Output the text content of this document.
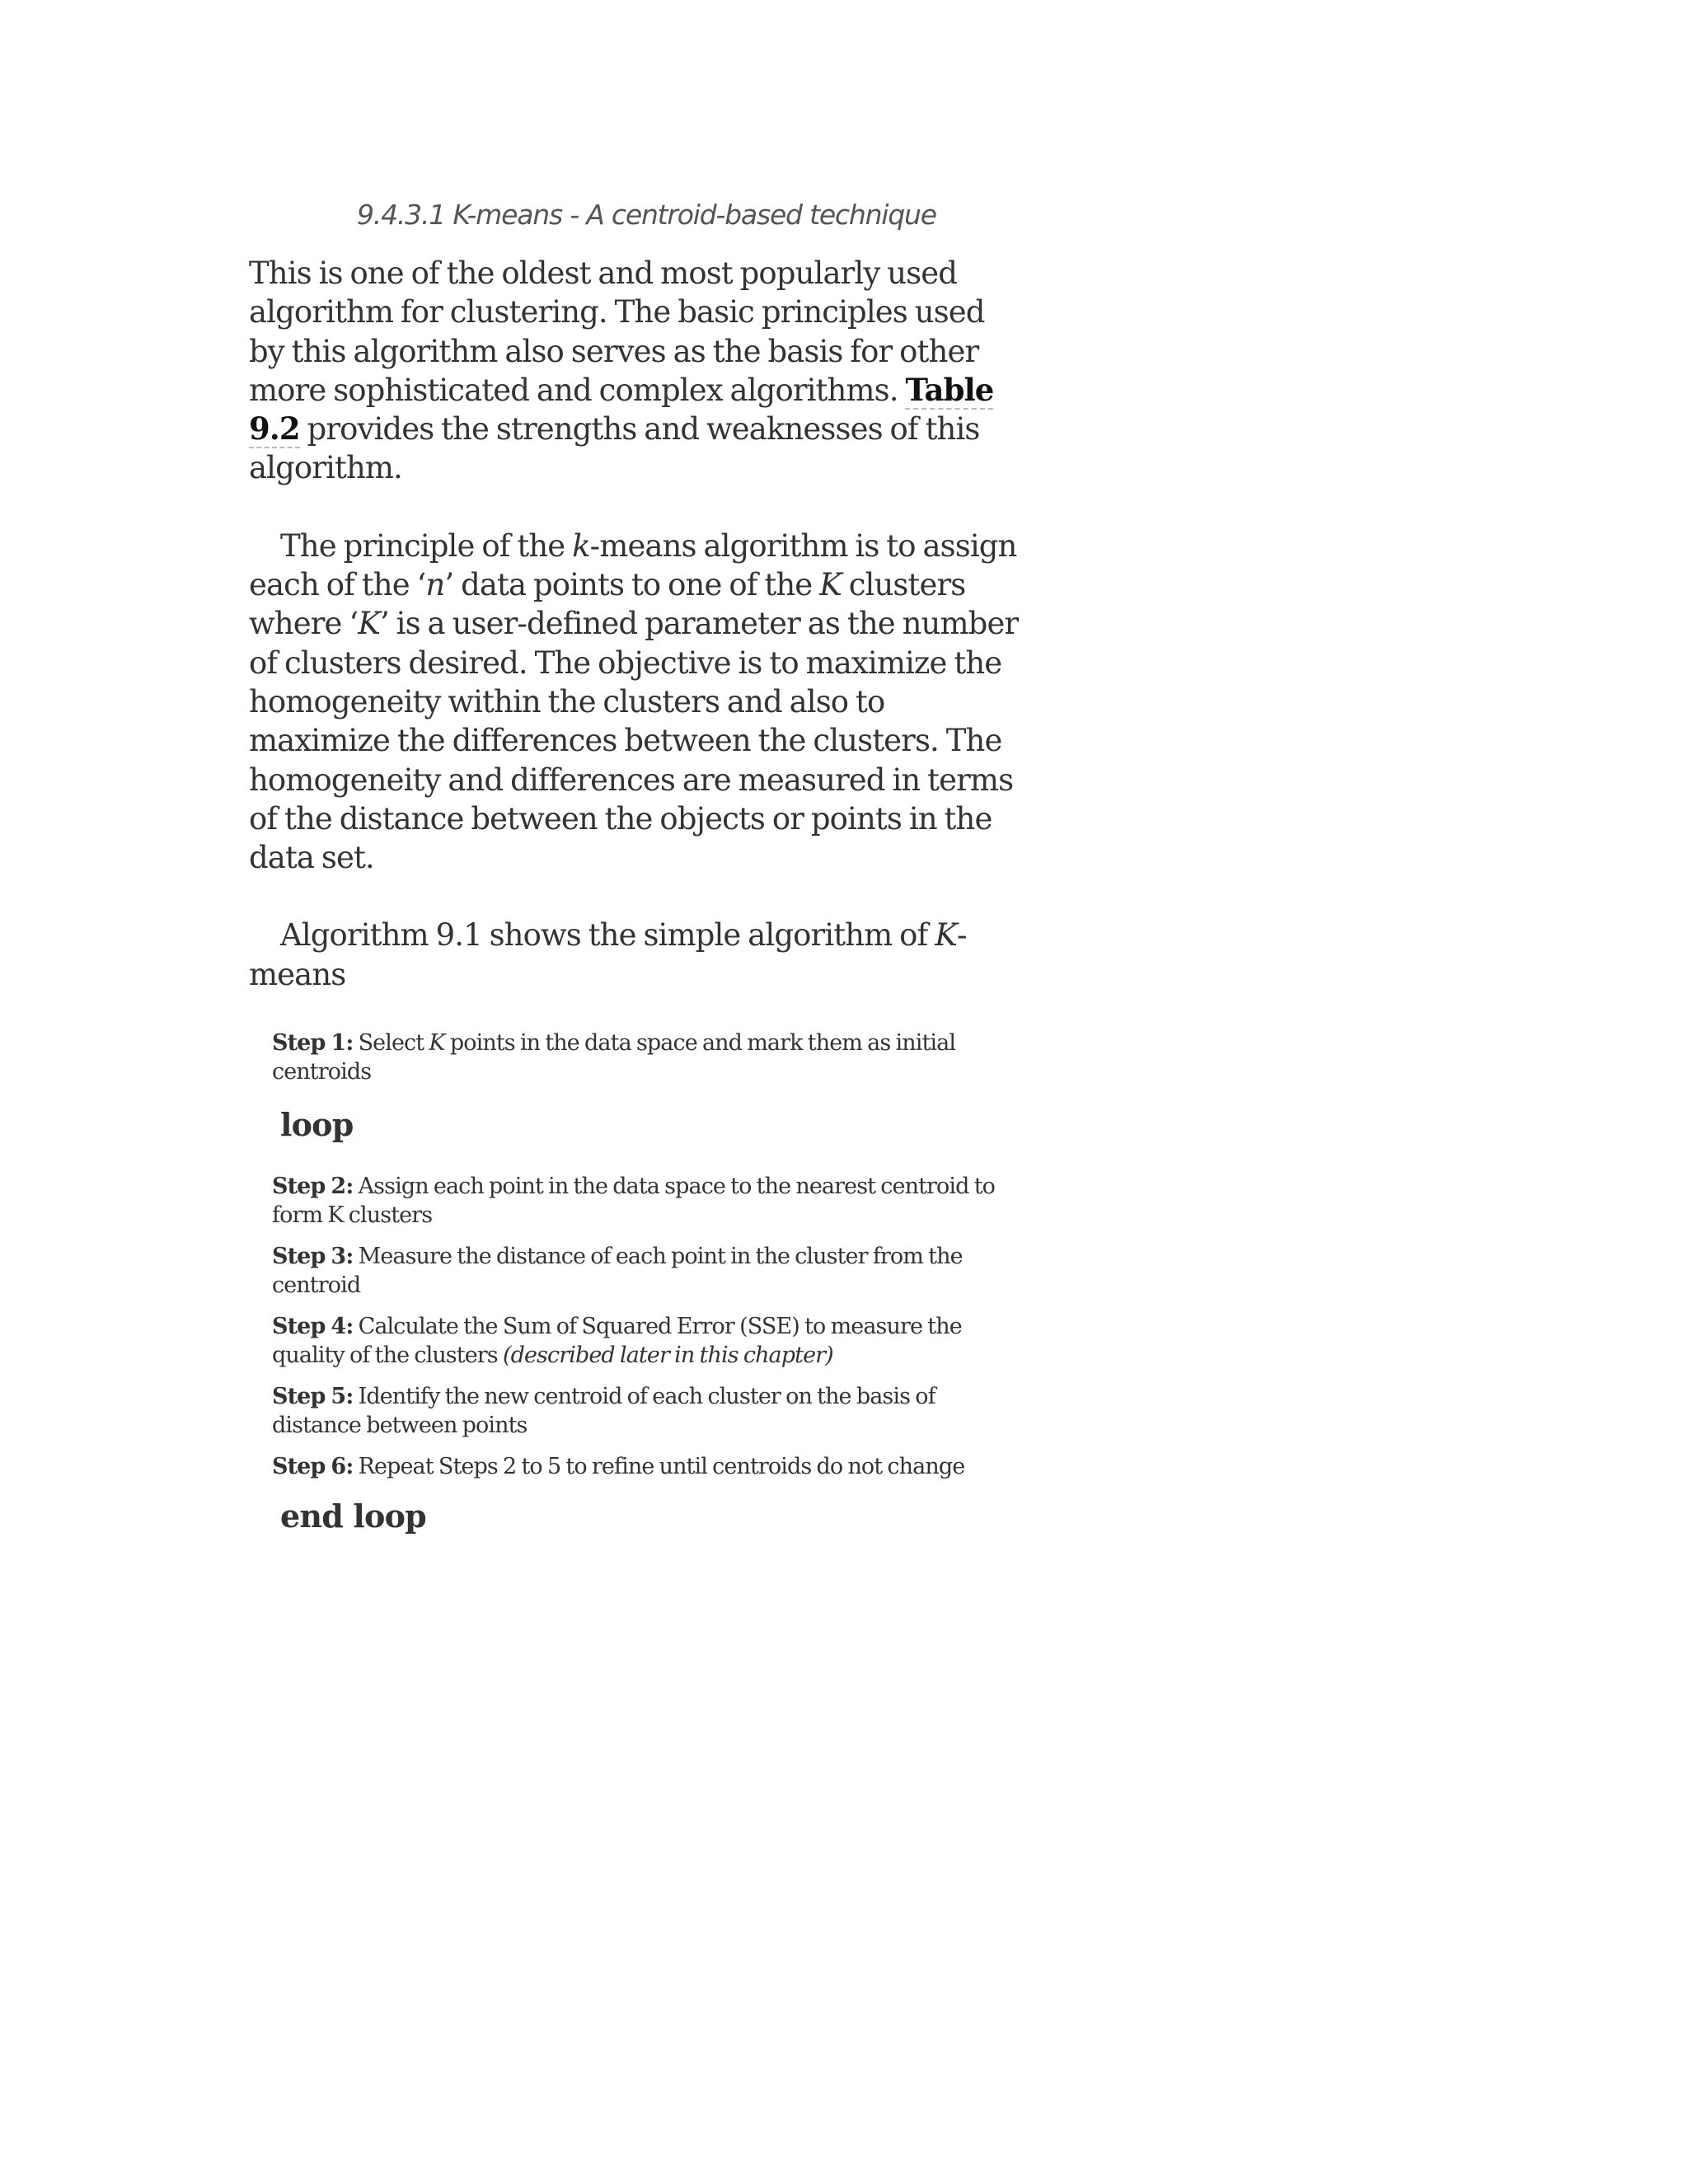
9.4.3.1 K-means - A centroid-based technique

This is one of the oldest and most popularly used algorithm for clustering. The basic principles used by this algorithm also serves as the basis for other more sophisticated and complex algorithms. Table 9.2 provides the strengths and weaknesses of this algorithm.

The principle of the k-means algorithm is to assign each of the ‘n’ data points to one of the K clusters where ‘K’ is a user-defined parameter as the number of clusters desired. The objective is to maximize the homogeneity within the clusters and also to maximize the differences between the clusters. The homogeneity and differences are measured in terms of the distance between the objects or points in the data set.

Algorithm 9.1 shows the simple algorithm of K-means

Step 1: Select K points in the data space and mark them as initial centroids

loop

Step 2: Assign each point in the data space to the nearest centroid to form K clusters

Step 3: Measure the distance of each point in the cluster from the centroid

Step 4: Calculate the Sum of Squared Error (SSE) to measure the quality of the clusters (described later in this chapter)

Step 5: Identify the new centroid of each cluster on the basis of distance between points

Step 6: Repeat Steps 2 to 5 to refine until centroids do not change

end loop
